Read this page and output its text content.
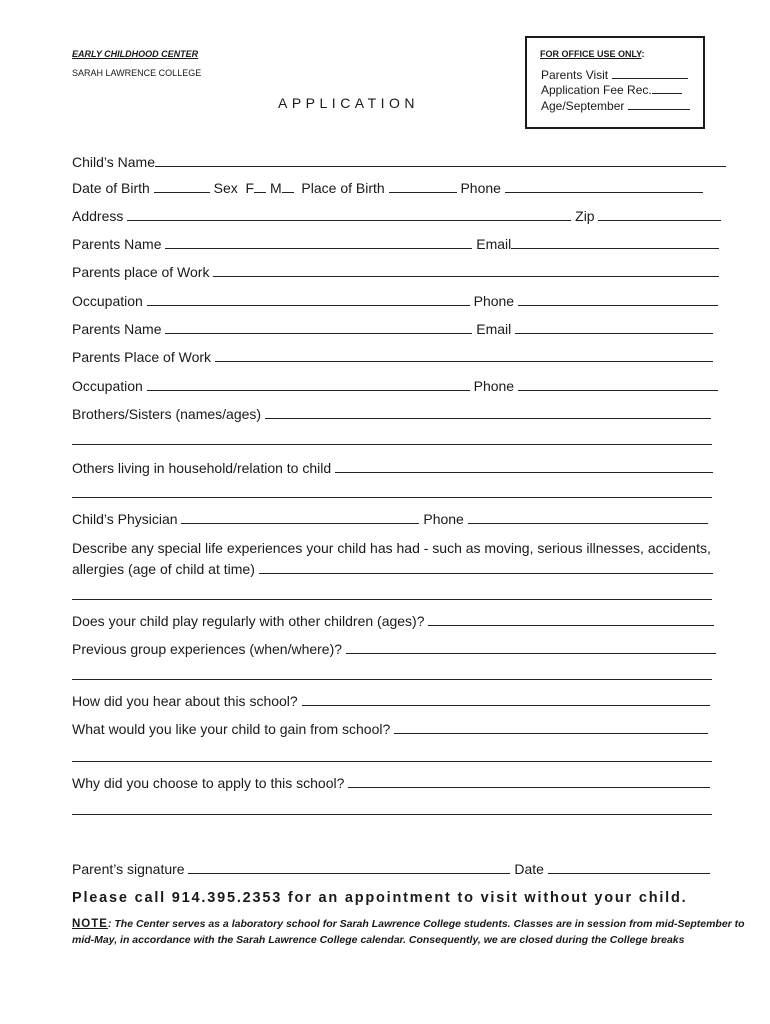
EARLY CHILDHOOD CENTER
SARAH LAWRENCE COLLEGE
APPLICATION
FOR OFFICE USE ONLY:
Parents Visit
Application Fee Rec.
Age/September
Child’s Name
Date of Birth	Sex F M Place of Birth	Phone
Address	Zip
Parents Name	Email
Parents place of Work
Occupation	Phone
Parents Name	Email
Parents Place of Work
Occupation	Phone
Brothers/Sisters (names/ages)
Others living in household/relation to child
Child’s Physician	Phone
Describe any special life experiences your child has had - such as moving, serious illnesses, accidents,
allergies (age of child at time)
Does your child play regularly with other children (ages)?
Previous group experiences (when/where)?
How did you hear about this school?
What would you like your child to gain from school?
Why did you choose to apply to this school?
Parent’s signature	Date
Please call 914.395.2353 for an appointment to visit without your child.
NOTE: The Center serves as a laboratory school for Sarah Lawrence College students. Classes are in session from mid-September to mid-May, in accordance with the Sarah Lawrence College calendar. Consequently, we are closed during the College breaks
